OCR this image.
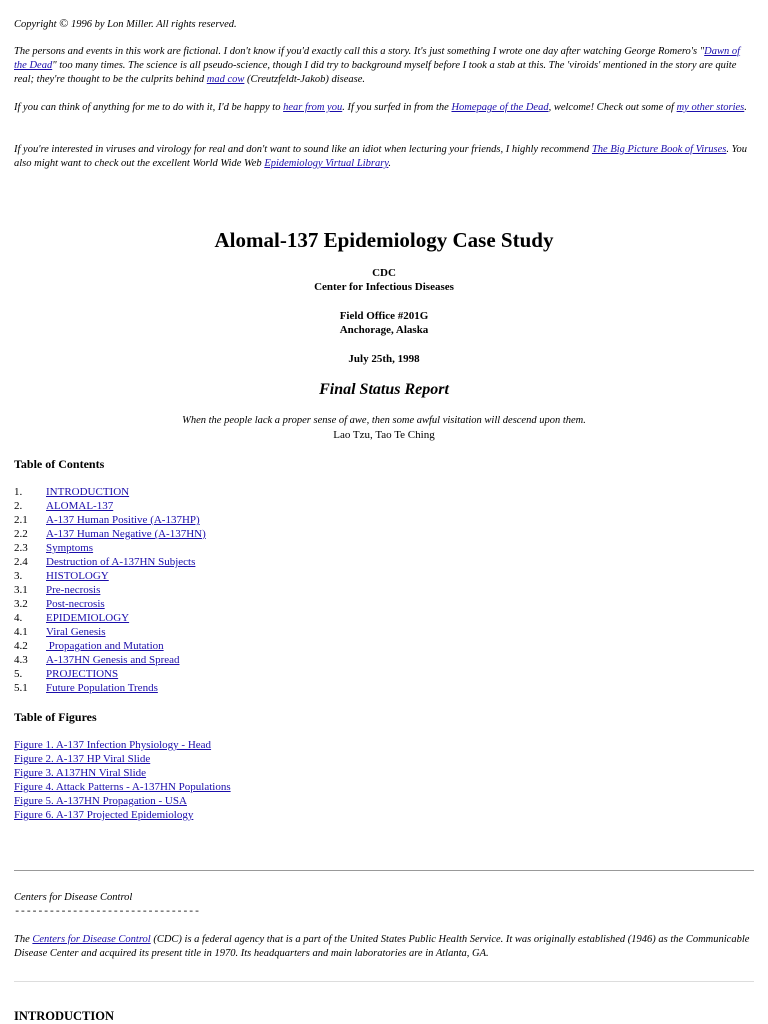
Copyright © 1996 by Lon Miller. All rights reserved.

The persons and events in this work are fictional. I don't know if you'd exactly call this a story. It's just something I wrote one day after watching George Romero's "Dawn of the Dead" too many times. The science is all pseudo-science, though I did try to background myself before I took a stab at this. The 'viroids' mentioned in the story are quite real; they're thought to be the culprits behind mad cow (Creutzfeldt-Jakob) disease.

If you can think of anything for me to do with it, I'd be happy to hear from you. If you surfed in from the Homepage of the Dead, welcome! Check out some of my other stories.

If you're interested in viruses and virology for real and don't want to sound like an idiot when lecturing your friends, I highly recommend The Big Picture Book of Viruses. You also might want to check out the excellent World Wide Web Epidemiology Virtual Library.

Alomal-137 Epidemiology Case Study

CDC

Center for Infectious Diseases

Field Office #201G

Anchorage, Alaska

July 25th, 1998

Final Status Report

When the people lack a proper sense of awe, then some awful visitation will descend upon them.

Lao Tzu, Tao Te Ching

Table of Contents

1.	INTRODUCTION
2.	ALOMAL-137
2.1	A-137 Human Positive (A-137HP)
2.2	A-137 Human Negative (A-137HN)
2.3	Symptoms
2.4	Destruction of A-137HN Subjects
3.	HISTOLOGY
3.1	Pre-necrosis
3.2	Post-necrosis
4.	EPIDEMIOLOGY
4.1	Viral Genesis
4.2	Propagation and Mutation
4.3	A-137HN Genesis and Spread
5.	PROJECTIONS
5.1	Future Population Trends

Table of Figures

Figure 1. A-137 Infection Physiology - Head
Figure 2. A-137 HP Viral Slide
Figure 3. A137HN Viral Slide
Figure 4. Attack Patterns - A-137HN Populations
Figure 5. A-137HN Propagation - USA
Figure 6. A-137 Projected Epidemiology

Centers for Disease Control

--------------------------------

The Centers for Disease Control (CDC) is a federal agency that is a part of the United States Public Health Service. It was originally established (1946) as the Communicable Disease Center and acquired its present title in 1970. Its headquarters and main laboratories are in Atlanta, GA.

INTRODUCTION
